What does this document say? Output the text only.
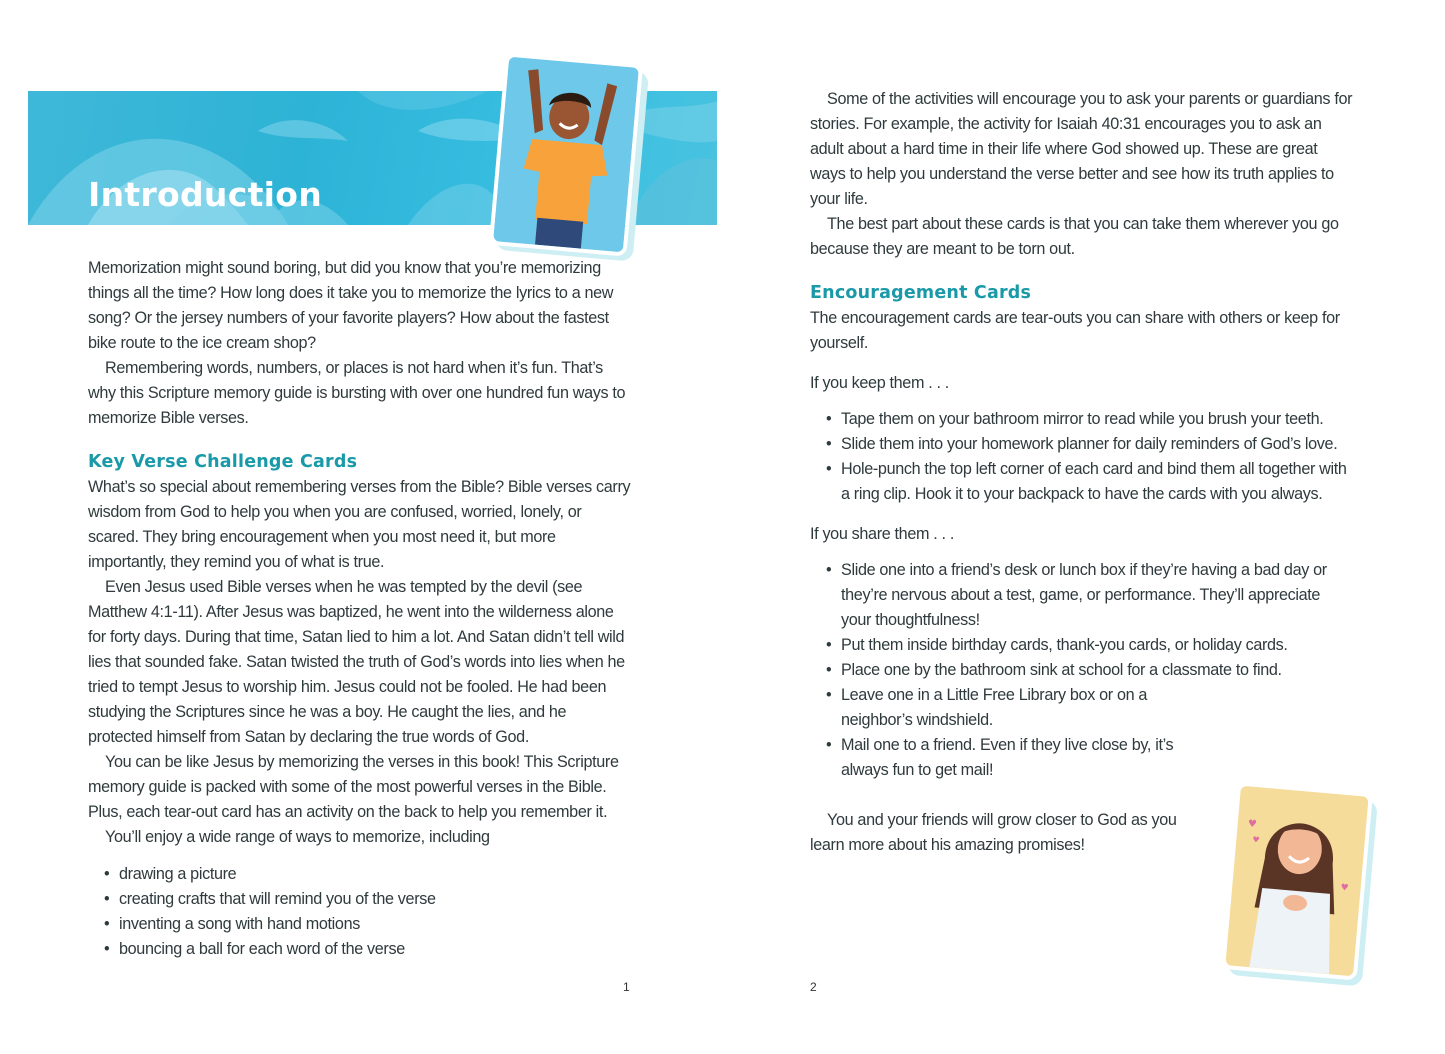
Introduction

Memorization might sound boring, but did you know that you’re memorizing things all the time? How long does it take you to memorize the lyrics to a new song? Or the jersey numbers of your favorite players? How about the fastest bike route to the ice cream shop?

Remembering words, numbers, or places is not hard when it’s fun. That’s why this Scripture memory guide is bursting with over one hundred fun ways to memorize Bible verses.

Key Verse Challenge Cards

What’s so special about remembering verses from the Bible? Bible verses carry wisdom from God to help you when you are confused, worried, lonely, or scared. They bring encouragement when you most need it, but more importantly, they remind you of what is true.

Even Jesus used Bible verses when he was tempted by the devil (see Matthew 4:1-11). After Jesus was baptized, he went into the wilderness alone for forty days. During that time, Satan lied to him a lot. And Satan didn’t tell wild lies that sounded fake. Satan twisted the truth of God’s words into lies when he tried to tempt Jesus to worship him. Jesus could not be fooled. He had been studying the Scriptures since he was a boy. He caught the lies, and he protected himself from Satan by declaring the true words of God.

You can be like Jesus by memorizing the verses in this book! This Scripture memory guide is packed with some of the most powerful verses in the Bible. Plus, each tear-out card has an activity on the back to help you remember it.

You’ll enjoy a wide range of ways to memorize, including

• drawing a picture
• creating crafts that will remind you of the verse
• inventing a song with hand motions
• bouncing a ball for each word of the verse
1

Some of the activities will encourage you to ask your parents or guardians for stories. For example, the activity for Isaiah 40:31 encourages you to ask an adult about a hard time in their life where God showed up. These are great ways to help you understand the verse better and see how its truth applies to your life.

The best part about these cards is that you can take them wherever you go because they are meant to be torn out.

Encouragement Cards

The encouragement cards are tear-outs you can share with others or keep for yourself.

If you keep them . . .

• Tape them on your bathroom mirror to read while you brush your teeth.
• Slide them into your homework planner for daily reminders of God’s love.
• Hole-punch the top left corner of each card and bind them all together with a ring clip. Hook it to your backpack to have the cards with you always.

If you share them . . .

• Slide one into a friend’s desk or lunch box if they’re having a bad day or they’re nervous about a test, game, or performance. They’ll appreciate your thoughtfulness!
• Put them inside birthday cards, thank-you cards, or holiday cards.
• Place one by the bathroom sink at school for a classmate to find.
• Leave one in a Little Free Library box or on a neighbor’s windshield.
• Mail one to a friend. Even if they live close by, it’s always fun to get mail!

You and your friends will grow closer to God as you learn more about his amazing promises!

2
♥
♥
♥
